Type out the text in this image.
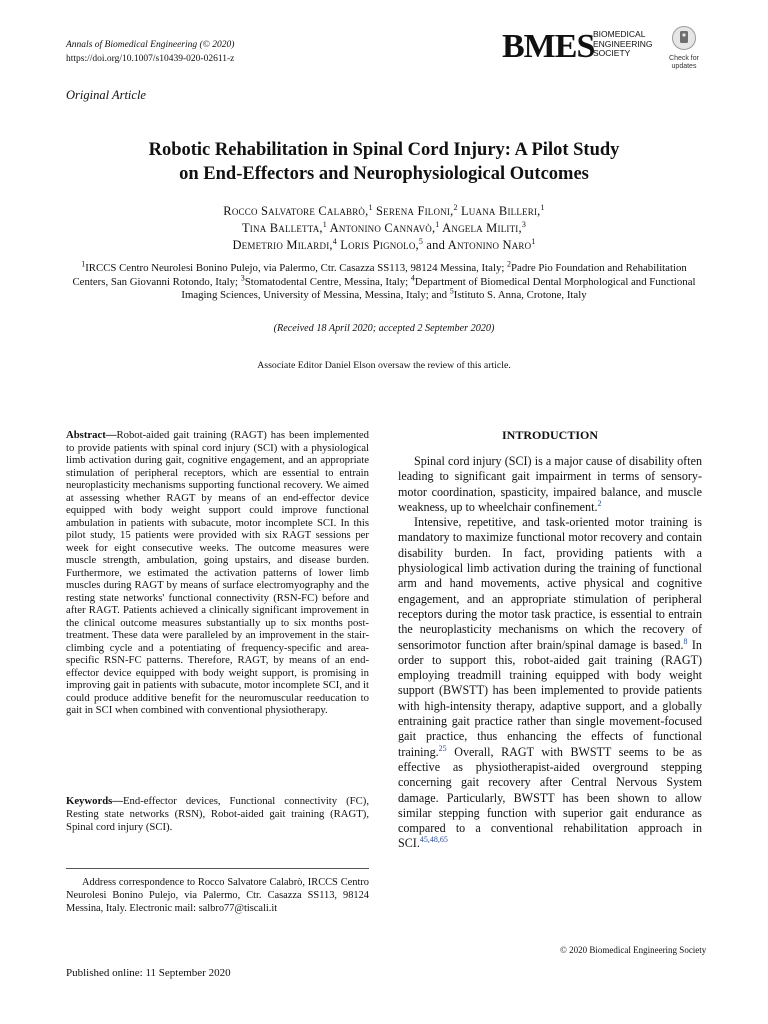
Annals of Biomedical Engineering (© 2020)
https://doi.org/10.1007/s10439-020-02611-z	BMES
BIOMEDICAL
ENGINEERING
SOCIETY
Check for
updates
Original Article
Robotic Rehabilitation in Spinal Cord Injury: A Pilot Study
on End-Effectors and Neurophysiological Outcomes
Rocco Salvatore Calabrò,$^1$ Serena Filoni,$^2$ Luana Billeri,$^1$
Tina Balletta,$^1$ Antonino Cannavò,$^1$ Angela Militi,$^3$
Demetrio Milardi,$^4$ Loris Pignolo,$^5$ and Antonino Naro$^1$
$^1$IRCCS Centro Neurolesi Bonino Pulejo, via Palermo, Ctr. Casazza SS113, 98124 Messina, Italy; $^2$Padre Pio Foundation and Rehabilitation Centers, San Giovanni Rotondo, Italy; $^3$Stomatodental Centre, Messina, Italy; $^4$Department of Biomedical Dental Morphological and Functional Imaging Sciences, University of Messina, Messina, Italy; and $^5$Istituto S. Anna, Crotone, Italy
(Received 18 April 2020; accepted 2 September 2020)
Associate Editor Daniel Elson oversaw the review of this article.
Abstract—Robot-aided gait training (RAGT) has been implemented to provide patients with spinal cord injury (SCI) with a physiological limb activation during gait, cognitive engagement, and an appropriate stimulation of peripheral receptors, which are essential to entrain neuroplasticity mechanisms supporting functional recovery. We aimed at assessing whether RAGT by means of an end-effector device equipped with body weight support could improve functional ambulation in patients with subacute, motor incomplete SCI. In this pilot study, 15 patients were provided with six RAGT sessions per week for eight consecutive weeks. The outcome measures were muscle strength, ambulation, going upstairs, and disease burden. Furthermore, we estimated the activation patterns of lower limb muscles during RAGT by means of surface electromyography and the resting state networks' functional connectivity (RSN-FC) before and after RAGT. Patients achieved a clinically significant improvement in the clinical outcome measures substantially up to six months post-treatment. These data were paralleled by an improvement in the stair-climbing cycle and a potentiating of frequency-specific and area-specific RSN-FC patterns. Therefore, RAGT, by means of an end-effector device equipped with body weight support, is promising in improving gait in patients with subacute, motor incomplete SCI, and it could produce additive benefit for the neuromuscular reeducation to gait in SCI when combined with conventional physiotherapy.
Keywords—End-effector devices, Functional connectivity (FC), Resting state networks (RSN), Robot-aided gait training (RAGT), Spinal cord injury (SCI).
Address correspondence to Rocco Salvatore Calabrò, IRCCS Centro Neurolesi Bonino Pulejo, via Palermo, Ctr. Casazza SS113, 98124 Messina, Italy. Electronic mail: salbro77@tiscali.it
INTRODUCTION

Spinal cord injury (SCI) is a major cause of disability often leading to significant gait impairment in terms of sensory-motor coordination, spasticity, impaired balance, and muscle weakness, up to wheelchair confinement.$^2$

Intensive, repetitive, and task-oriented motor training is mandatory to maximize functional motor recovery and contain disability burden. In fact, providing patients with a physiological limb activation during the training of functional arm and hand movements, active physical and cognitive engagement, and an appropriate stimulation of peripheral receptors during the motor task practice, is essential to entrain the neuroplasticity mechanisms on which the recovery of sensorimotor function after brain/spinal damage is based.$^8$ In order to support this, robot-aided gait training (RAGT) employing treadmill training equipped with body weight support (BWSTT) has been implemented to provide patients with high-intensity therapy, adaptive support, and a globally entraining gait practice rather than single movement-focused gait practice, thus enhancing the effects of functional training.$^{25}$ Overall, RAGT with BWSTT seems to be as effective as physiotherapist-aided overground stepping concerning gait recovery after Central Nervous System damage. Particularly, BWSTT has been shown to allow similar stepping function with superior gait endurance as compared to a conventional rehabilitation approach in SCI.$^{45,48,65}$

© 2020 Biomedical Engineering Society
Published online: 11 September 2020
